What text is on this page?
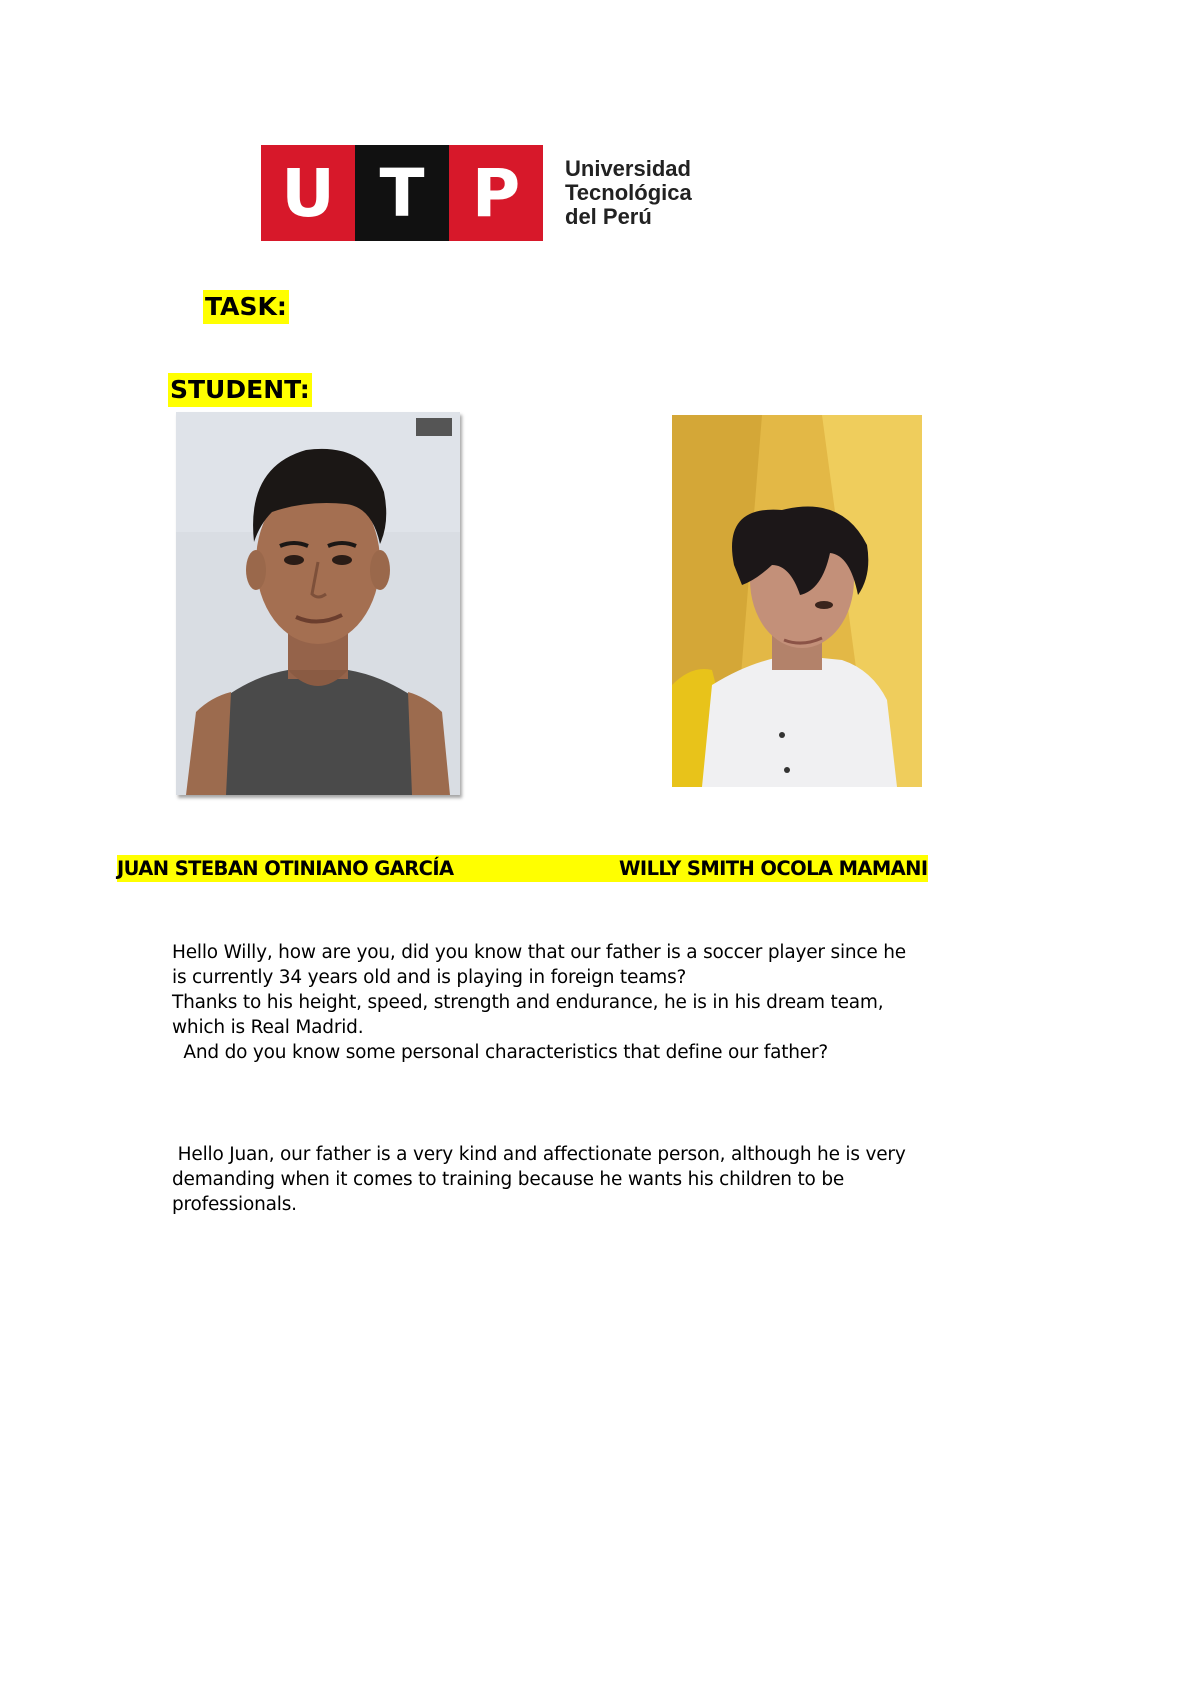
U T P	Universidad
Tecnológica
del Perú
TASK:
STUDENT:
JUAN STEBAN OTINIANO GARCÍA	WILLY SMITH OCOLA MAMANI
Hello Willy, how are you, did you know that our father is a soccer player since he
is currently 34 years old and is playing in foreign teams?
Thanks to his height, speed, strength and endurance, he is in his dream team,
which is Real Madrid.
And do you know some personal characteristics that define our father?
Hello Juan, our father is a very kind and affectionate person, although he is very
demanding when it comes to training because he wants his children to be
professionals.
